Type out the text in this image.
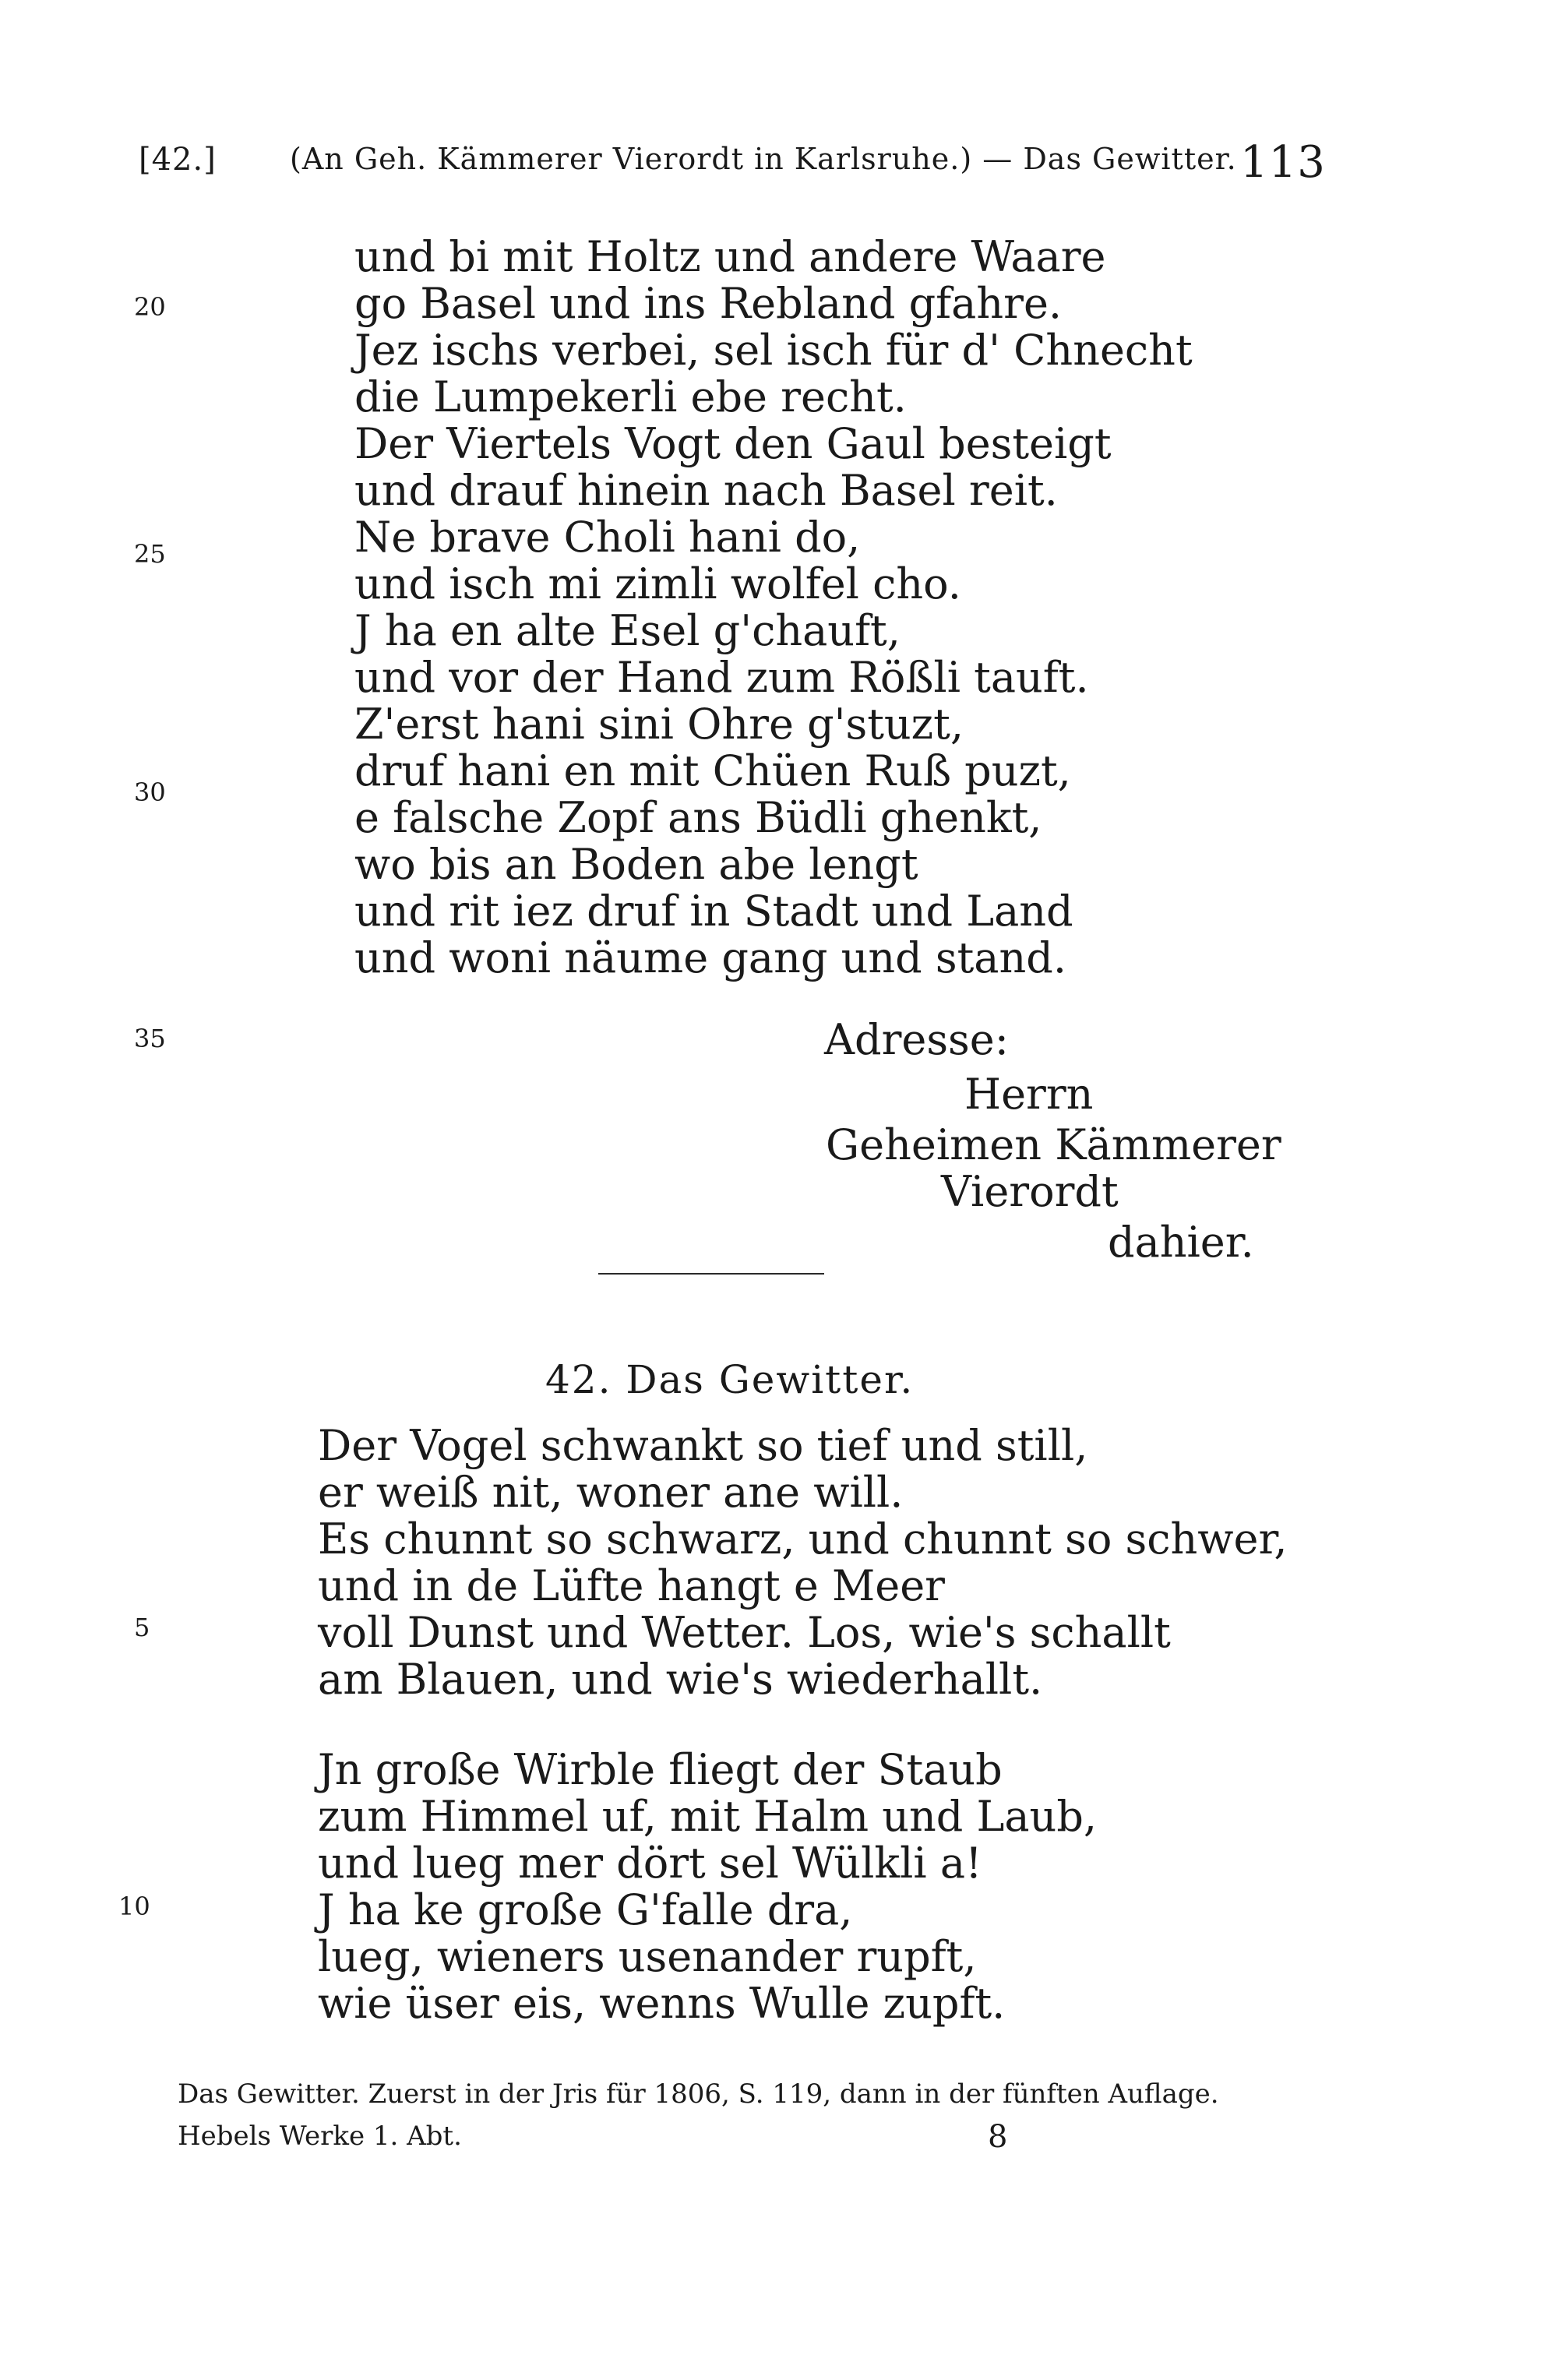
[42.] (An Geh. Kämmerer Vierordt in Karlsruhe.) — Das Gewitter. 113
und bi mit Holtz und andere Waare
go Basel und ins Rebland gfahre.
Jez ischs verbei, sel isch für d' Chnecht
die Lumpekerli ebe recht.
Der Viertels Vogt den Gaul besteigt
und drauf hinein nach Basel reit.
Ne brave Choli hani do,
und isch mi zimli wolfel cho.
J ha en alte Esel g'chauft,
und vor der Hand zum Rößli tauft.
Z'erst hani sini Ohre g'stuzt,
druf hani en mit Chüen Ruß puzt,
e falsche Zopf ans Büdli ghenkt,
wo bis an Boden abe lengt
und rit iez druf in Stadt und Land
und woni näume gang und stand.
20
25
30
35	Adresse:
Herrn
Geheimen Kämmerer
Vierordt
dahier.
42. Das Gewitter.
Der Vogel schwankt so tief und still,
er weiß nit, woner ane will.
Es chunnt so schwarz, und chunnt so schwer,
und in de Lüfte hangt e Meer
voll Dunst und Wetter. Los, wie's schallt
am Blauen, und wie's wiederhallt.
Jn große Wirble fliegt der Staub
zum Himmel uf, mit Halm und Laub,
und lueg mer dört sel Wülkli a!
J ha ke große G'falle dra,
lueg, wieners usenander rupft,
wie üser eis, wenns Wulle zupft.
5
10
Das Gewitter. Zuerst in der Jris für 1806, S. 119, dann in der fünften Auflage.
Hebels Werke 1. Abt.	8
